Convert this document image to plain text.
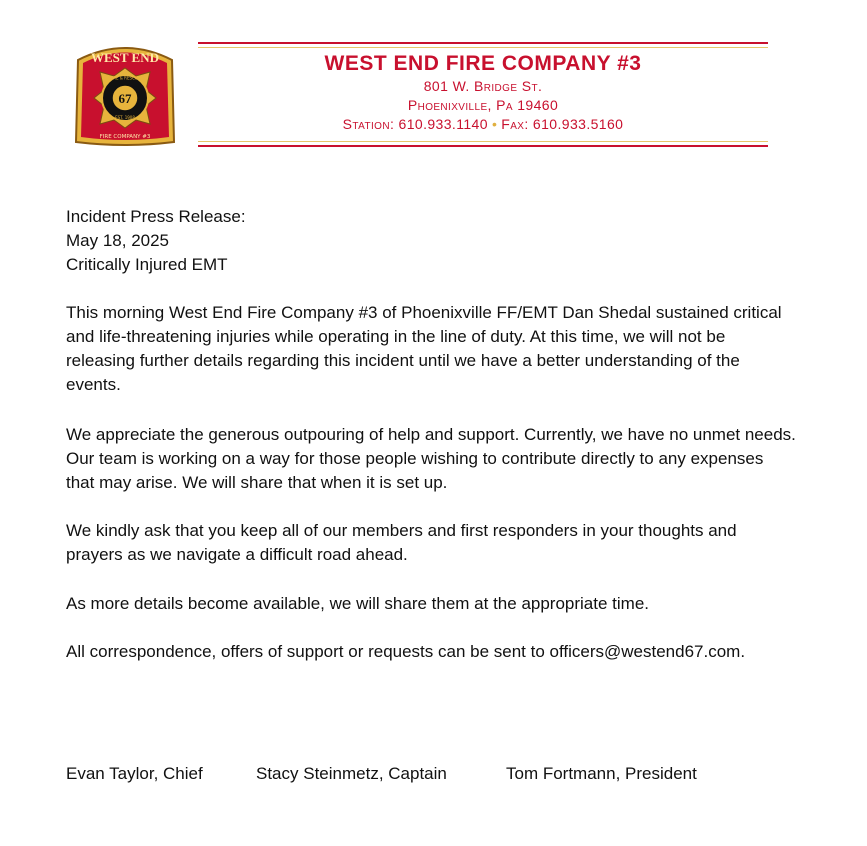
WEST END
FIRE & RESCUE
67
EST. 1908
FIRE COMPANY #3

WEST END FIRE COMPANY #3

801 W. Bridge St.

Phoenixville, Pa 19460

Station: 610.933.1140 • Fax: 610.933.5160

Incident Press Release:
May 18, 2025
Critically Injured EMT

This morning West End Fire Company #3 of Phoenixville FF/EMT Dan Shedal sustained critical and life-threatening injuries while operating in the line of duty. At this time, we will not be releasing further details regarding this incident until we have a better understanding of the events.

We appreciate the generous outpouring of help and support. Currently, we have no unmet needs. Our team is working on a way for those people wishing to contribute directly to any expenses that may arise. We will share that when it is set up.

We kindly ask that you keep all of our members and first responders in your thoughts and prayers as we navigate a difficult road ahead.

As more details become available, we will share them at the appropriate time.

All correspondence, offers of support or requests can be sent to officers@westend67.com.

Evan Taylor, Chief	Stacy Steinmetz, Captain	Tom Fortmann, President
